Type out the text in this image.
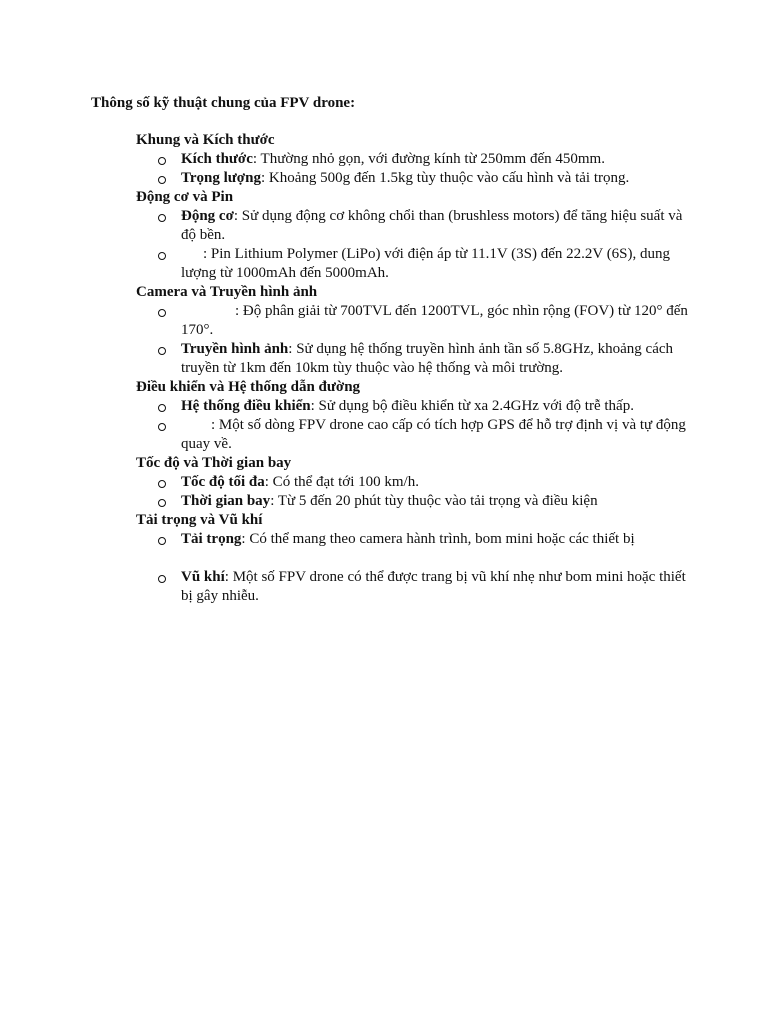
Thông số kỹ thuật chung của FPV drone:
Khung và Kích thước
Kích thước: Thường nhỏ gọn, với đường kính từ 250mm đến 450mm.
Trọng lượng: Khoảng 500g đến 1.5kg tùy thuộc vào cấu hình và tải trọng.
Động cơ và Pin
Động cơ: Sử dụng động cơ không chổi than (brushless motors) để tăng hiệu suất và độ bền.
: Pin Lithium Polymer (LiPo) với điện áp từ 11.1V (3S) đến 22.2V (6S), dung lượng từ 1000mAh đến 5000mAh.
Camera và Truyền hình ảnh
: Độ phân giải từ 700TVL đến 1200TVL, góc nhìn rộng (FOV) từ 120° đến 170°.
Truyền hình ảnh: Sử dụng hệ thống truyền hình ảnh tần số 5.8GHz, khoảng cách truyền từ 1km đến 10km tùy thuộc vào hệ thống và môi trường.
Điều khiển và Hệ thống dẫn đường
Hệ thống điều khiển: Sử dụng bộ điều khiển từ xa 2.4GHz với độ trễ thấp.
: Một số dòng FPV drone cao cấp có tích hợp GPS để hỗ trợ định vị và tự động quay về.
Tốc độ và Thời gian bay
Tốc độ tối đa: Có thể đạt tới 100 km/h.
Thời gian bay: Từ 5 đến 20 phút tùy thuộc vào tải trọng và điều kiện
Tải trọng và Vũ khí
Tải trọng: Có thể mang theo camera hành trình, bom mini hoặc các thiết bị
Vũ khí: Một số FPV drone có thể được trang bị vũ khí nhẹ như bom mini hoặc thiết bị gây nhiễu.
